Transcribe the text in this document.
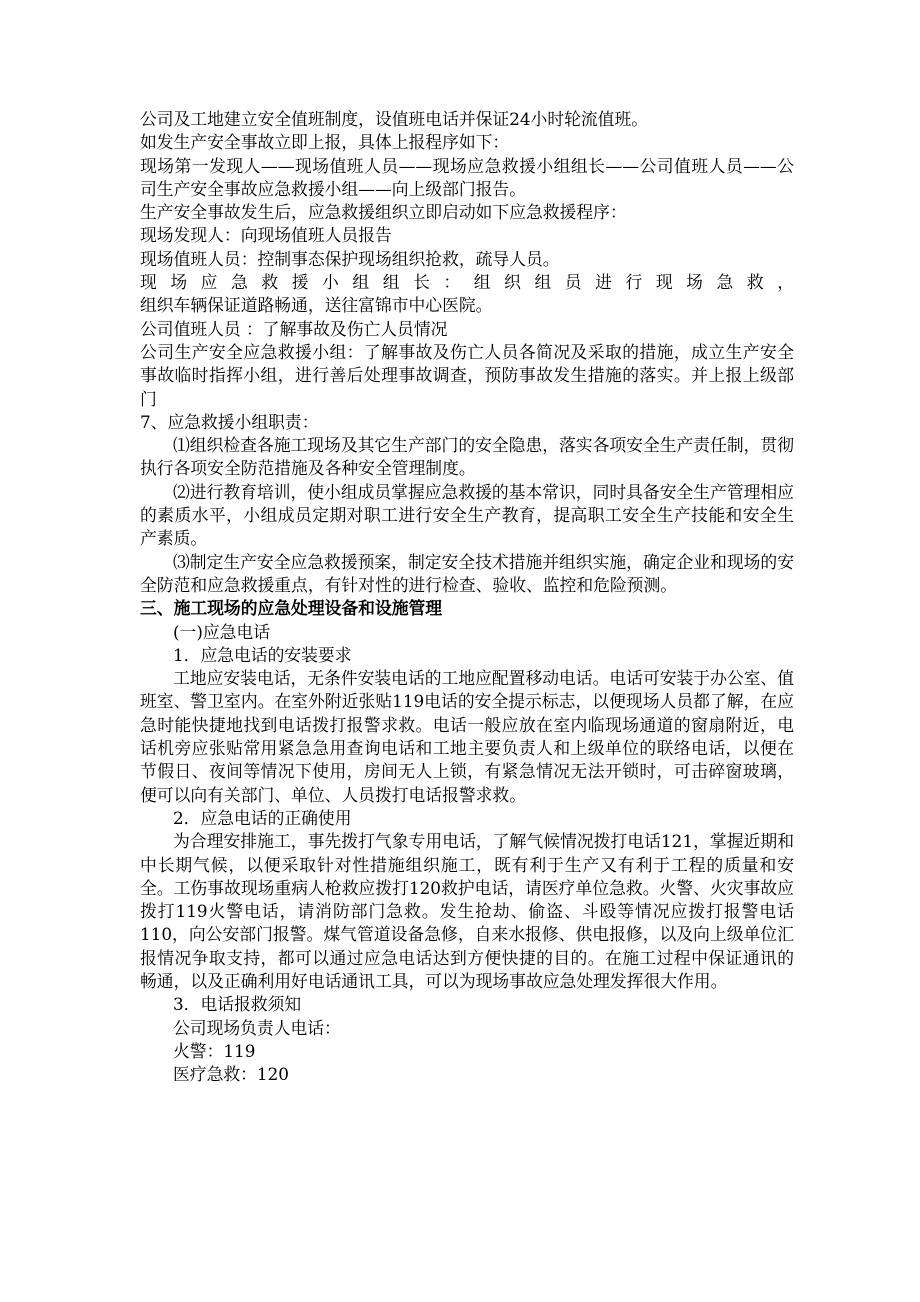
公司及工地建立安全值班制度，设值班电话并保证24小时轮流值班。

如发生产安全事故立即上报，具体上报程序如下：

现场第一发现人——现场值班人员——现场应急救援小组组长——公司值班人员——公司生产安全事故应急救援小组——向上级部门报告。

生产安全事故发生后，应急救援组织立即启动如下应急救援程序：

现场发现人：向现场值班人员报告

现场值班人员：控制事态保护现场组织抢救，疏导人员。

现场应急救援小组组长：组织组员进行现场急救，

组织车辆保证道路畅通，送往富锦市中心医院。

公司值班人员 ：了解事故及伤亡人员情况

公司生产安全应急救援小组：了解事故及伤亡人员各简况及采取的措施，成立生产安全事故临时指挥小组，进行善后处理事故调查，预防事故发生措施的落实。并上报上级部门

7、应急救援小组职责：

⑴组织检查各施工现场及其它生产部门的安全隐患，落实各项安全生产责任制，贯彻执行各项安全防范措施及各种安全管理制度。

⑵进行教育培训，使小组成员掌握应急救援的基本常识，同时具备安全生产管理相应的素质水平，小组成员定期对职工进行安全生产教育，提高职工安全生产技能和安全生产素质。

⑶制定生产安全应急救援预案，制定安全技术措施并组织实施，确定企业和现场的安全防范和应急救援重点，有针对性的进行检查、验收、监控和危险预测。

三、施工现场的应急处理设备和设施管理

(一)应急电话

1．应急电话的安装要求

工地应安装电话，无条件安装电话的工地应配置移动电话。电话可安装于办公室、值班室、警卫室内。在室外附近张贴119电话的安全提示标志，以便现场人员都了解，在应急时能快捷地找到电话拨打报警求救。电话一般应放在室内临现场通道的窗扇附近，电话机旁应张贴常用紧急急用查询电话和工地主要负责人和上级单位的联络电话，以便在节假日、夜间等情况下使用，房间无人上锁，有紧急情况无法开锁时，可击碎窗玻璃，便可以向有关部门、单位、人员拨打电话报警求救。

2．应急电话的正确使用

为合理安排施工，事先拨打气象专用电话，了解气候情况拨打电话121，掌握近期和中长期气候，以便采取针对性措施组织施工，既有利于生产又有利于工程的质量和安全。工伤事故现场重病人枪救应拨打120救护电话，请医疗单位急救。火警、火灾事故应拨打119火警电话，请消防部门急救。发生抢劫、偷盗、斗殴等情况应拨打报警电话110，向公安部门报警。煤气管道设备急修，自来水报修、供电报修，以及向上级单位汇报情况争取支持，都可以通过应急电话达到方便快捷的目的。在施工过程中保证通讯的畅通，以及正确利用好电话通讯工具，可以为现场事故应急处理发挥很大作用。

3．电话报救须知

公司现场负责人电话：

火警：119

医疗急救：120
